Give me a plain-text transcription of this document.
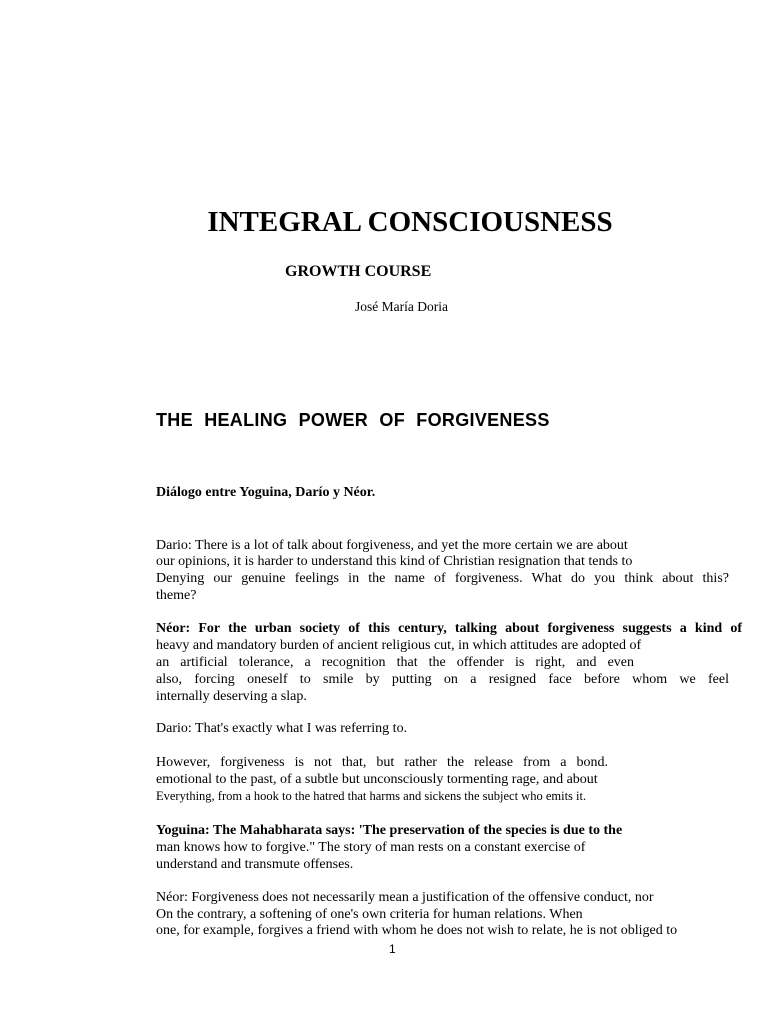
INTEGRAL CONSCIOUSNESS
GROWTH COURSE
José María Doria
THE HEALING POWER OF FORGIVENESS
Diálogo entre Yoguina, Darío y Néor.
Dario: There is a lot of talk about forgiveness, and yet the more certain we are about
our opinions, it is harder to understand this kind of Christian resignation that tends to
Denying our genuine feelings in the name of forgiveness. What do you think about this?
theme?
Néor: For the urban society of this century, talking about forgiveness suggests a kind of
heavy and mandatory burden of ancient religious cut, in which attitudes are adopted of
an artificial tolerance, a recognition that the offender is right, and even
also, forcing oneself to smile by putting on a resigned face before whom we feel
internally deserving a slap.
Dario: That's exactly what I was referring to.
However, forgiveness is not that, but rather the release from a bond.
emotional to the past, of a subtle but unconsciously tormenting rage, and about
Everything, from a hook to the hatred that harms and sickens the subject who emits it.
Yoguina: The Mahabharata says: 'The preservation of the species is due to the
man knows how to forgive." The story of man rests on a constant exercise of
understand and transmute offenses.
Néor: Forgiveness does not necessarily mean a justification of the offensive conduct, nor
On the contrary, a softening of one's own criteria for human relations. When
one, for example, forgives a friend with whom he does not wish to relate, he is not obliged to
1
